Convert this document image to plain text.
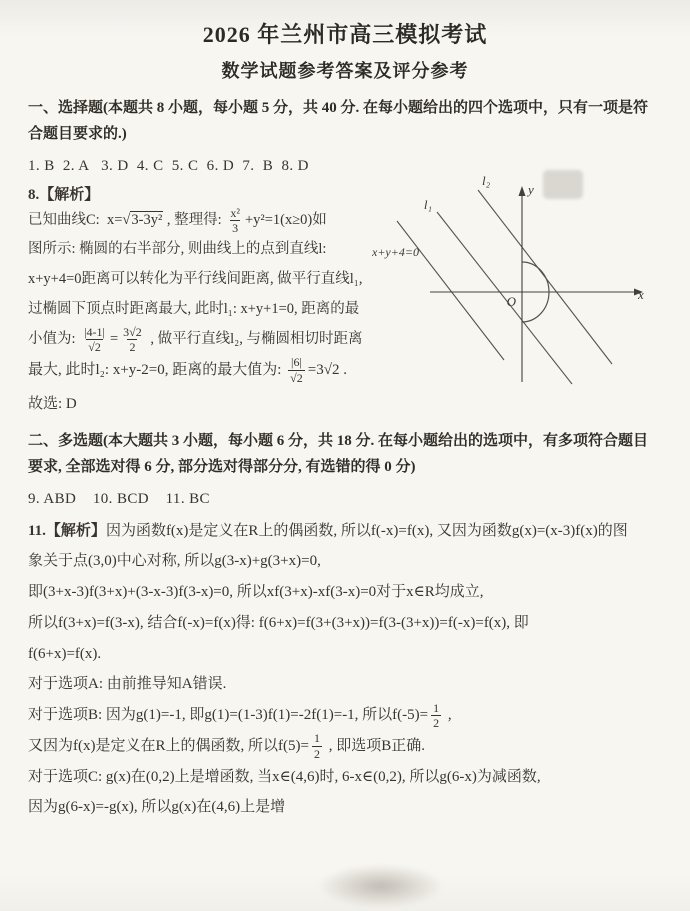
2026 年兰州市高三模拟考试
数学试题参考答案及评分参考
一、选择题(本题共 8 小题，每小题 5 分，共 40 分. 在每小题给出的四个选项中，只有一项是符合题目要求的.)
1. B  2. A   3. D  4. C  5. C  6. D  7.  B  8. D
8.【解析】
已知曲线C:  x=√3-3y² , 整理得: $\frac{\text{x²}}{3} +y^2=1(x\ge 0)$如
图所示: 椭圆的右半部分, 则曲线上的点到直线l:
x+y+4=0距离可以转化为平行线间距离, 做平行直线l₁,
过椭圆下顶点时距离最大, 此时l₁: x+y+1=0, 距离的最
小值为: $\frac{|4-1|}{√2} = \frac{3√2}{2}$ , 做平行直线l₂, 与椭圆相切时距离
最大, 此时l₂: x+y-2=0, 距离的最大值为: $\frac{|6|}{√2} =3√2$ .
故选: D
二、多选题(本大题共 3 小题，每小题 6 分，共 18 分. 在每小题给出的选项中，有多项符合题目要求, 全部选对得 6 分, 部分选对得部分分, 有选错的得 0 分)
9. ABD    10. BCD    11. BC
11.【解析】因为函数f(x)是定义在R上的偶函数, 所以f(-x)=f(x), 又因为函数g(x)=(x-3)f(x)的图
象关于点(3,0)中心对称, 所以g(3-x)+g(3+x)=0,
即(3+x-3)f(3+x)+(3-x-3)f(3-x)=0, 所以xf(3+x)-xf(3-x)=0对于x∈R均成立,
所以f(3+x)=f(3-x), 结合f(-x)=f(x)得: f(6+x)=f(3+(3+x))=f(3-(3+x))=f(-x)=f(x), 即
f(6+x)=f(x).
对于选项A: 由前推导知A错误.
对于选项B: 因为g(1)=-1, 即g(1)=(1-3)f(1)=-2f(1)=-1, 所以$f(-5)= \frac{1}{2}$ ,
又因为f(x)是定义在R上的偶函数, 所以$f(5)= \frac{1}{2}$ , 即选项B正确.
对于选项C: g(x)在(0,2)上是增函数, 当x∈(4,6)时, 6-x∈(0,2), 所以g(6-x)为减函数,
因为g(6-x)=-g(x), 所以g(x)在(4,6)上是增
y
x
O
l₂
l₁
x+y+4=0
